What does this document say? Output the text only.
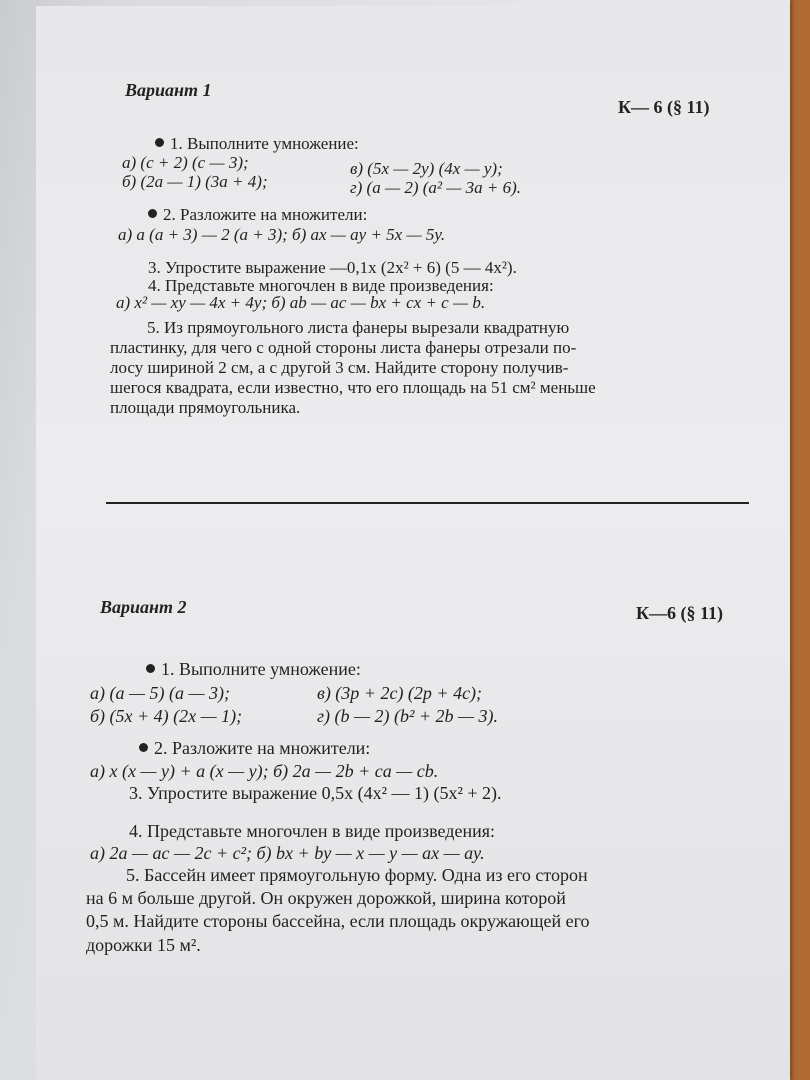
Вариант 1
К— 6 (§ 11)
1. Выполните умножение:
а) (c + 2) (c — 3);	в) (5x — 2y) (4x — y);
б) (2a — 1) (3a + 4);	г) (a — 2) (a² — 3a + 6).
2. Разложите на множители:
а) a (a + 3) — 2 (a + 3); б) ax — ay + 5x — 5y.
3. Упростите выражение —0,1x (2x² + 6) (5 — 4x²).
4. Представьте многочлен в виде произведения:
а) x² — xy — 4x + 4y; б) ab — ac — bx + cx + c — b.
5. Из прямоугольного листа фанеры вырезали квадратную
пластинку, для чего с одной стороны листа фанеры отрезали по-
лосу шириной 2 см, а с другой 3 см. Найдите сторону получив-
шегося квадрата, если известно, что его площадь на 51 см² меньше
площади прямоугольника.
Вариант 2	К—6 (§ 11)
1. Выполните умножение:
а) (a — 5) (a — 3);	в) (3p + 2c) (2p + 4c);
б) (5x + 4) (2x — 1);	г) (b — 2) (b² + 2b — 3).
2. Разложите на множители:
а) x (x — y) + a (x — y); б) 2a — 2b + ca — cb.
3. Упростите выражение 0,5x (4x² — 1) (5x² + 2).
4. Представьте многочлен в виде произведения:
а) 2a — ac — 2c + c²; б) bx + by — x — y — ax — ay.
5. Бассейн имеет прямоугольную форму. Одна из его сторон
на 6 м больше другой. Он окружен дорожкой, ширина которой
0,5 м. Найдите стороны бассейна, если площадь окружающей его
дорожки 15 м².
